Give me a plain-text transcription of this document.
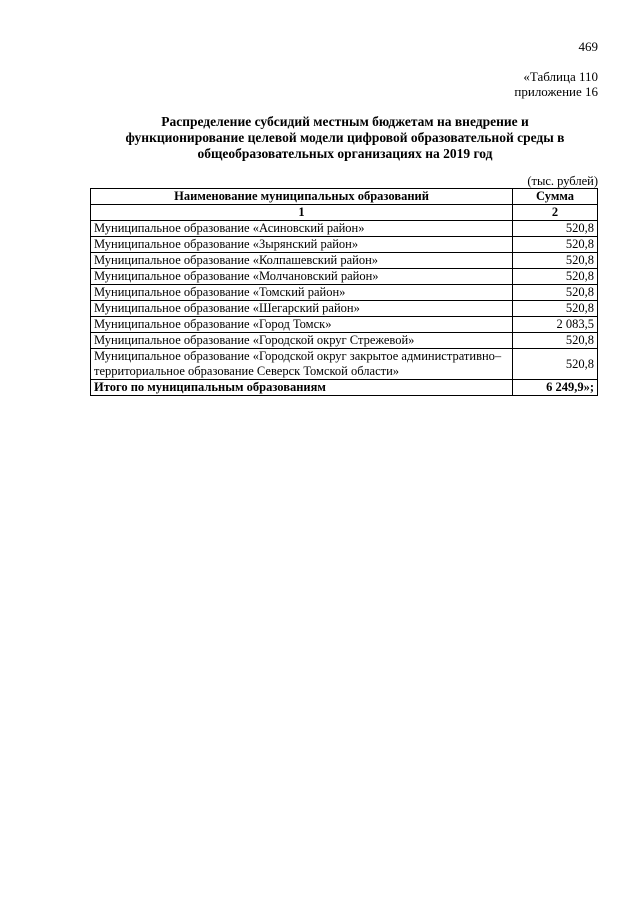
469
«Таблица 110
приложение 16
Распределение субсидий местным бюджетам на внедрение и
функционирование целевой модели цифровой образовательной среды в
общеобразовательных организациях на 2019 год
(тыс. рублей)
Наименование муниципальных образований	Сумма
1	2
Муниципальное образование «Асиновский район»	520,8
Муниципальное образование «Зырянский район»	520,8
Муниципальное образование «Колпашевский район»	520,8
Муниципальное образование «Молчановский район»	520,8
Муниципальное образование «Томский район»	520,8
Муниципальное образование «Шегарский район»	520,8
Муниципальное образование «Город Томск»	2 083,5
Муниципальное образование «Городской округ Стрежевой»	520,8
Муниципальное образование «Городской округ закрытое административно–территориальное образование Северск Томской области»	520,8
Итого по муниципальным образованиям	6 249,9»;
